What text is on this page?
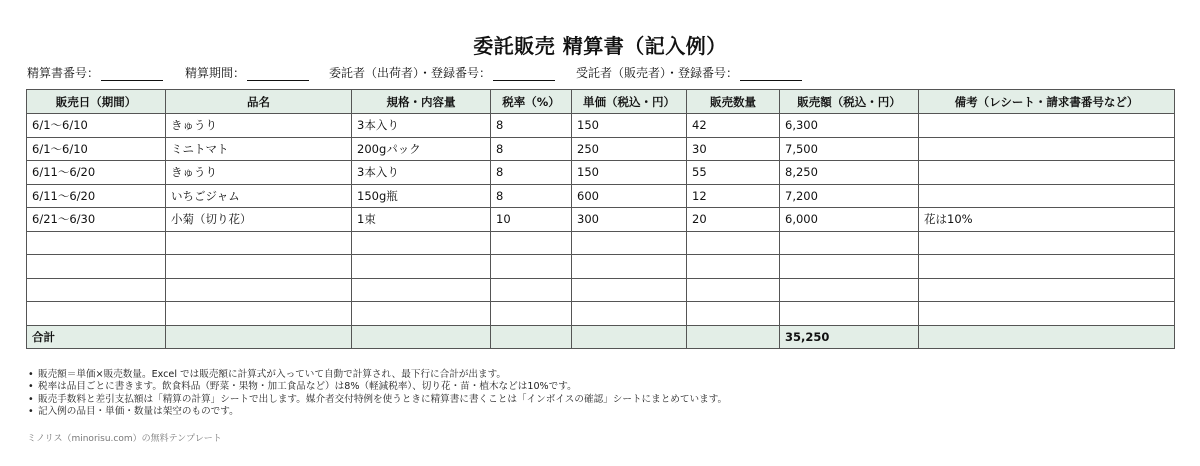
委託販売 精算書（記入例）
精算書番号：	精算期間：	委託者（出荷者）・登録番号：	受託者（販売者）・登録番号：
販売日（期間）	品名	規格・内容量	税率（%）	単価（税込・円）	販売数量	販売額（税込・円）	備考（レシート・請求書番号など）
6/1〜6/10	きゅうり	3本入り	8	150	42	6,300	
6/1〜6/10	ミニトマト	200gパック	8	250	30	7,500	
6/11〜6/20	きゅうり	3本入り	8	150	55	8,250	
6/11〜6/20	いちごジャム	150g瓶	8	600	12	7,200	
6/21〜6/30	小菊（切り花）	1束	10	300	20	6,000	花は10%

合計						35,250	
• 販売額＝単価×販売数量。Excel では販売額に計算式が入っていて自動で計算され、最下行に合計が出ます。
• 税率は品目ごとに書きます。飲食料品（野菜・果物・加工食品など）は8%（軽減税率）、切り花・苗・植木などは10%です。
• 販売手数料と差引支払額は「精算の計算」シートで出します。媒介者交付特例を使うときに精算書に書くことは「インボイスの確認」シートにまとめています。
• 記入例の品目・単価・数量は架空のものです。
ミノリス（minorisu.com）の無料テンプレート
